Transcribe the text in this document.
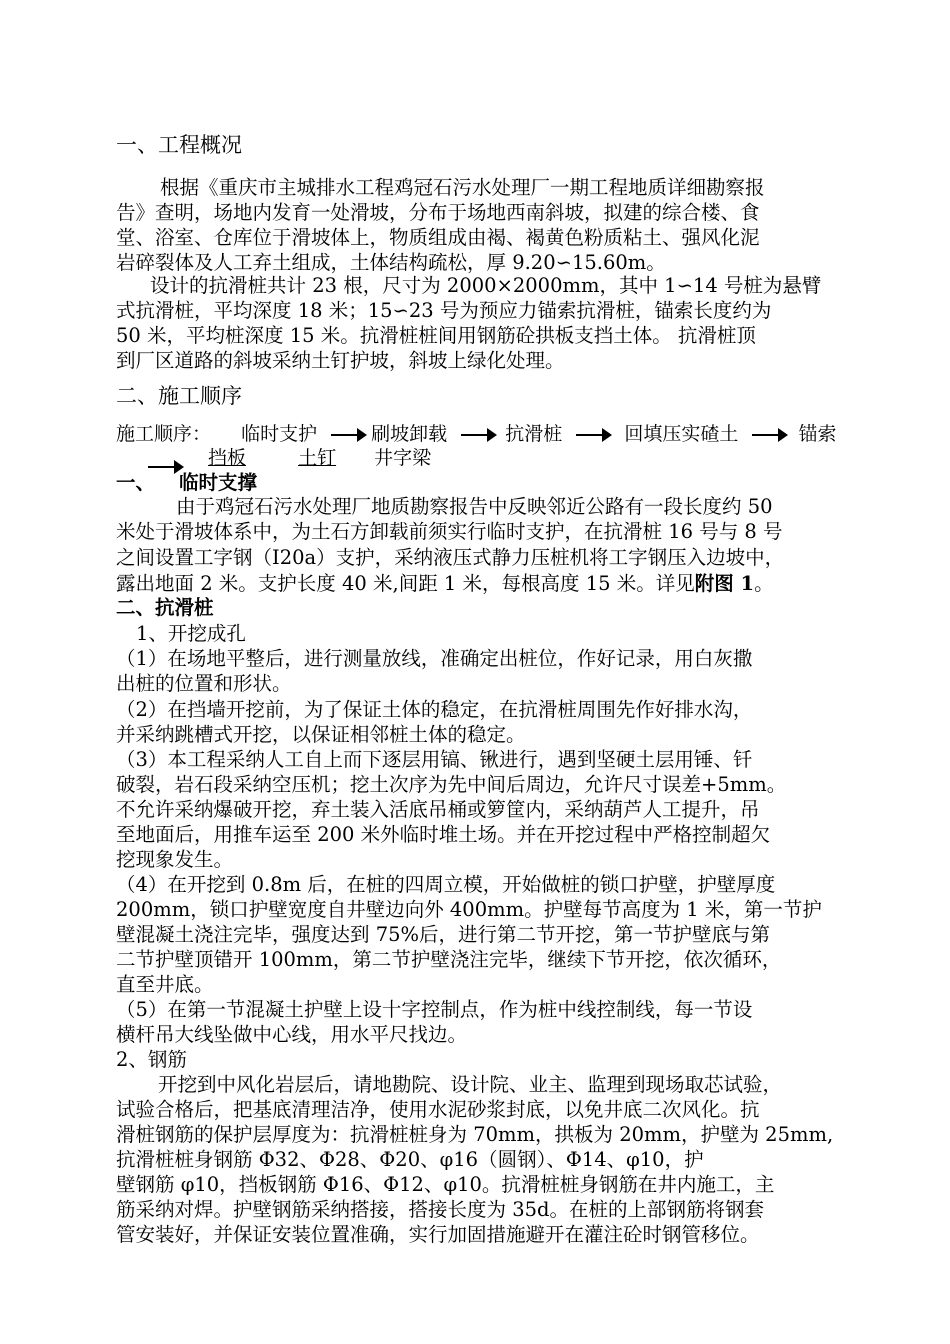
一、工程概况
根据《重庆市主城排水工程鸡冠石污水处理厂一期工程地质详细勘察报
告》查明，场地内发育一处滑坡，分布于场地西南斜坡，拟建的综合楼、食
堂、浴室、仓库位于滑坡体上，物质组成由褐、褐黄色粉质粘土、强风化泥
岩碎裂体及人工弃土组成，土体结构疏松，厚 9.20∽15.60m。
设计的抗滑桩共计 23 根，尺寸为 2000×2000mm，其中 1∽14 号桩为悬臂
式抗滑桩，平均深度 18 米；15∽23 号为预应力锚索抗滑桩，锚索长度约为
50 米，平均桩深度 15 米。抗滑桩桩间用钢筋砼拱板支挡土体。 抗滑桩顶
到厂区道路的斜坡采纳土钉护坡，斜坡上绿化处理。
二、施工顺序
施工顺序： 临时支护	刷坡卸载	抗滑桩	回填压实碴土	锚索
挡板	土钉 井字梁
一、 临时支撑
由于鸡冠石污水处理厂地质勘察报告中反映邻近公路有一段长度约 50
米处于滑坡体系中，为土石方卸载前须实行临时支护，在抗滑桩 16 号与 8 号
之间设置工字钢（I20a）支护，采纳液压式静力压桩机将工字钢压入边坡中，
露出地面 2 米。支护长度 40 米,间距 1 米，每根高度 15 米。详见附图 1。
二、抗滑桩
1、开挖成孔
（1）在场地平整后，进行测量放线，准确定出桩位，作好记录，用白灰撒
出桩的位置和形状。
（2）在挡墙开挖前，为了保证土体的稳定，在抗滑桩周围先作好排水沟，
并采纳跳槽式开挖，以保证相邻桩土体的稳定。
（3）本工程采纳人工自上而下逐层用镐、锹进行，遇到坚硬土层用锤、钎
破裂，岩石段采纳空压机；挖土次序为先中间后周边，允许尺寸误差+5mm。
不允许采纳爆破开挖，弃土装入活底吊桶或箩筐内，采纳葫芦人工提升，吊
至地面后，用推车运至 200 米外临时堆土场。并在开挖过程中严格控制超欠
挖现象发生。
（4）在开挖到 0.8m 后，在桩的四周立模，开始做桩的锁口护壁，护壁厚度
200mm，锁口护壁宽度自井壁边向外 400mm。护壁每节高度为 1 米，第一节护
壁混凝土浇注完毕，强度达到 75%后，进行第二节开挖，第一节护壁底与第
二节护壁顶错开 100mm，第二节护壁浇注完毕，继续下节开挖，依次循环，
直至井底。
（5）在第一节混凝土护壁上设十字控制点，作为桩中线控制线，每一节设
横杆吊大线坠做中心线，用水平尺找边。
2、钢筋
开挖到中风化岩层后，请地勘院、设计院、业主、监理到现场取芯试验，
试验合格后，把基底清理洁净，使用水泥砂浆封底，以免井底二次风化。抗
滑桩钢筋的保护层厚度为：抗滑桩桩身为 70mm，拱板为 20mm，护壁为 25mm,
抗滑桩桩身钢筋 Φ32、Φ28、Φ20、φ16（圆钢）、Φ14、φ10，护
壁钢筋 φ10，挡板钢筋 Φ16、Φ12、φ10。抗滑桩桩身钢筋在井内施工，主
筋采纳对焊。护壁钢筋采纳搭接，搭接长度为 35d。在桩的上部钢筋将钢套
管安装好，并保证安装位置准确，实行加固措施避开在灌注砼时钢管移位。
